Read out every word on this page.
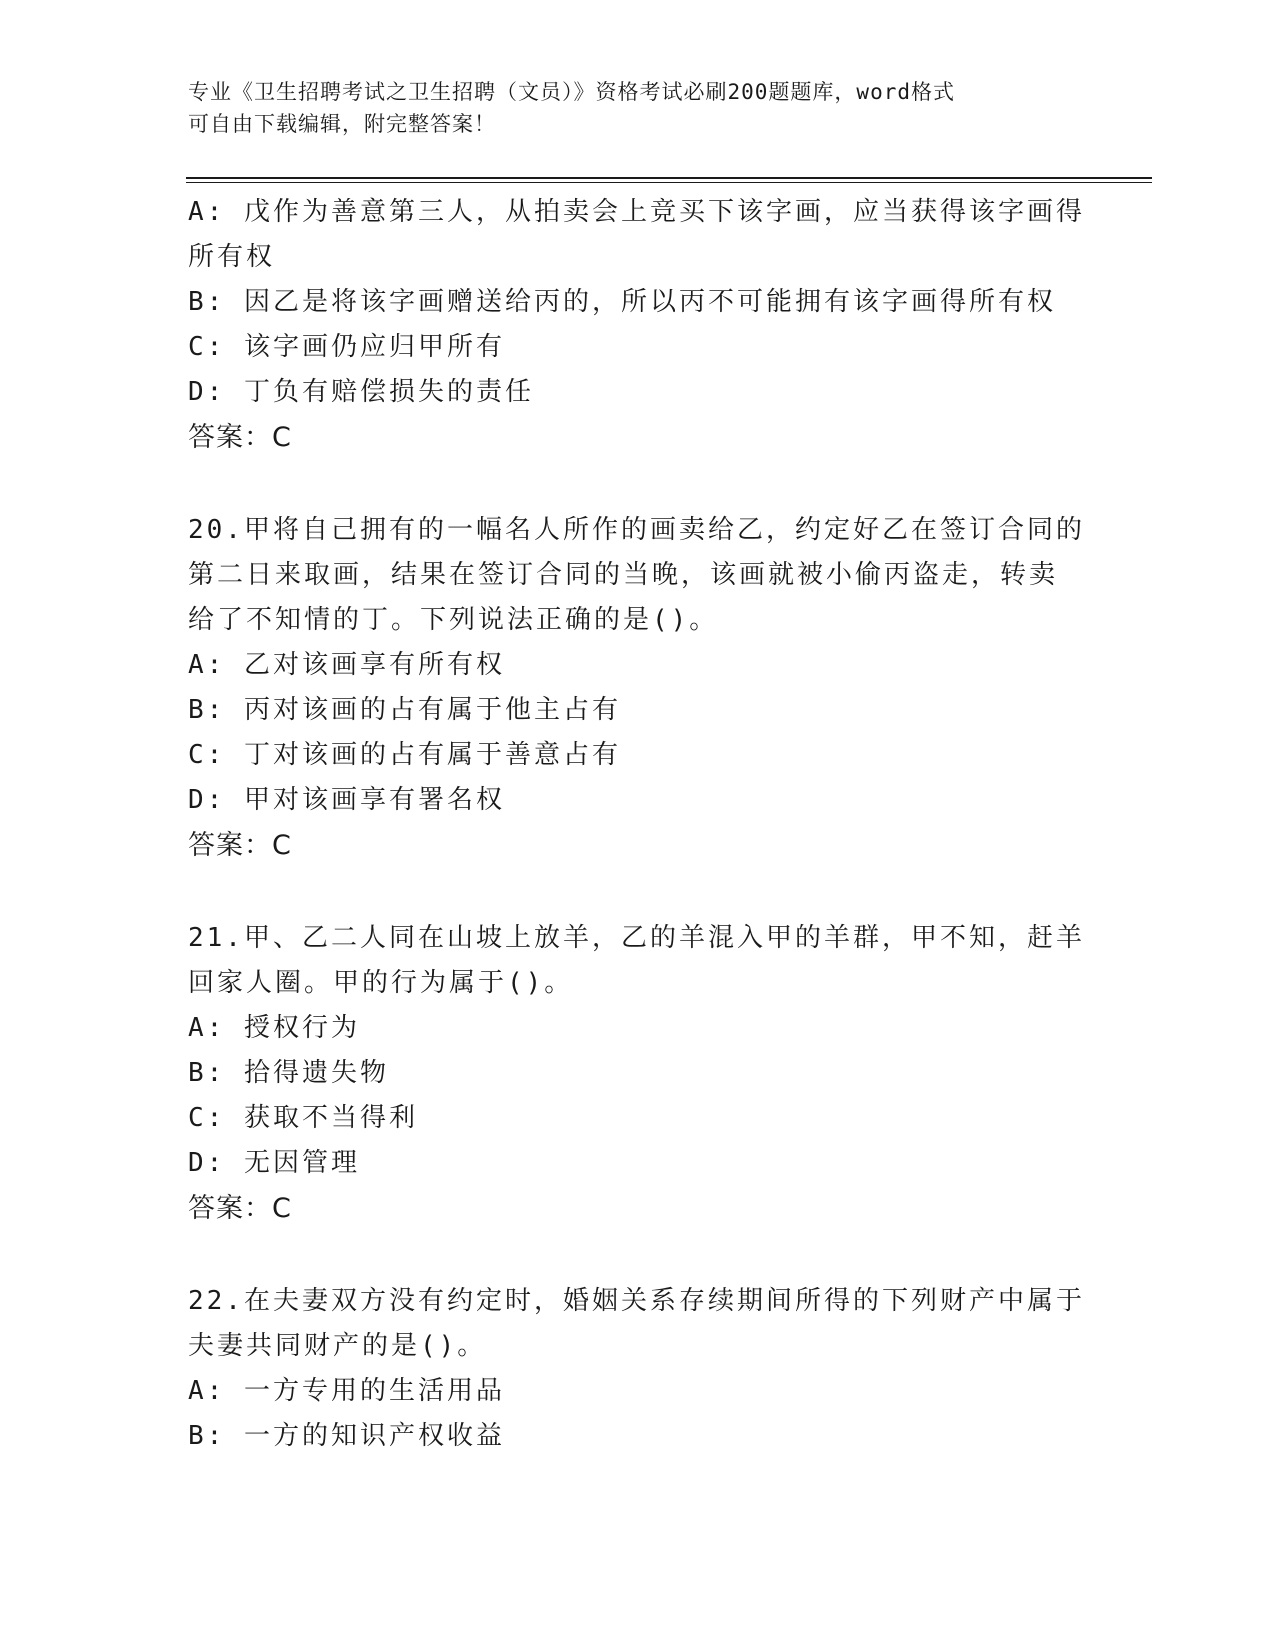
专业《卫生招聘考试之卫生招聘（文员）》资格考试必刷200题题库，word格式
可自由下载编辑，附完整答案！
A: 戊作为善意第三人，从拍卖会上竞买下该字画，应当获得该字画得
所有权
B: 因乙是将该字画赠送给丙的，所以丙不可能拥有该字画得所有权
C: 该字画仍应归甲所有
D: 丁负有赔偿损失的责任
答案：C
20.甲将自己拥有的一幅名人所作的画卖给乙，约定好乙在签订合同的
第二日来取画，结果在签订合同的当晚，该画就被小偷丙盗走，转卖
给了不知情的丁。下列说法正确的是()。
A: 乙对该画享有所有权
B: 丙对该画的占有属于他主占有
C: 丁对该画的占有属于善意占有
D: 甲对该画享有署名权
答案：C
21.甲、乙二人同在山坡上放羊，乙的羊混入甲的羊群，甲不知，赶羊
回家人圈。甲的行为属于()。
A: 授权行为
B: 拾得遗失物
C: 获取不当得利
D: 无因管理
答案：C
22.在夫妻双方没有约定时，婚姻关系存续期间所得的下列财产中属于
夫妻共同财产的是()。
A: 一方专用的生活用品
B: 一方的知识产权收益
